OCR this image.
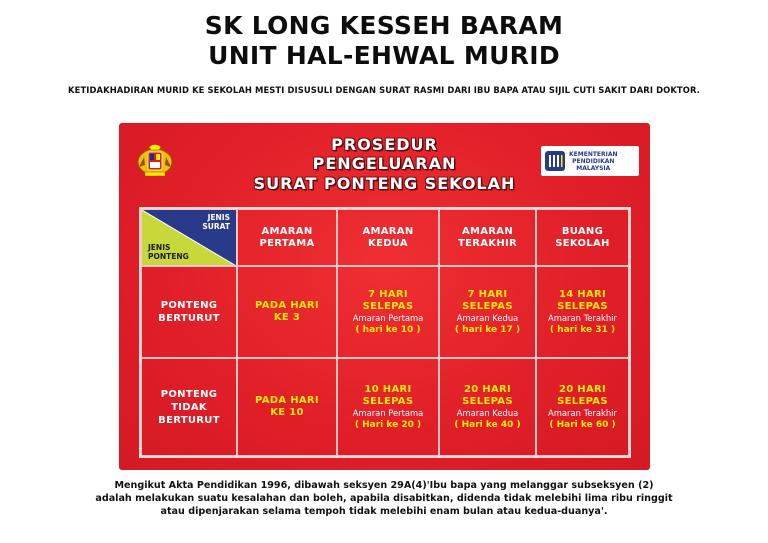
SK LONG KESSEH BARAM
UNIT HAL-EHWAL MURID
KETIDAKHADIRAN MURID KE SEKOLAH MESTI DISUSULI DENGAN SURAT RASMI DARI IBU BAPA ATAU SIJIL CUTI SAKIT DARI DOKTOR.
PROSEDUR
PENGELUARAN
SURAT PONTENG SEKOLAH
KEMENTERIAN
PENDIDIKAN
MALAYSIA
JENIS
SURAT
JENIS
PONTENG
AMARAN
PERTAMA
AMARAN
KEDUA
AMARAN
TERAKHIR
BUANG
SEKOLAH
PONTENG
BERTURUT
PADA HARI
KE 3
7 HARI
SELEPAS
Amaran Pertama
( hari ke 10 )
7 HARI
SELEPAS
Amaran Kedua
( hari ke 17 )
14 HARI
SELEPAS
Amaran Terakhir
( hari ke 31 )
PONTENG
TIDAK
BERTURUT
PADA HARI
KE 10
10 HARI
SELEPAS
Amaran Pertama
( Hari ke 20 )
20 HARI
SELEPAS
Amaran Kedua
( Hari ke 40 )
20 HARI
SELEPAS
Amaran Terakhir
( Hari ke 60 )
Mengikut Akta Pendidikan 1996, dibawah seksyen 29A(4)'Ibu bapa yang melanggar subseksyen (2)
adalah melakukan suatu kesalahan dan boleh, apabila disabitkan, didenda tidak melebihi lima ribu ringgit
atau dipenjarakan selama tempoh tidak melebihi enam bulan atau kedua-duanya'.
